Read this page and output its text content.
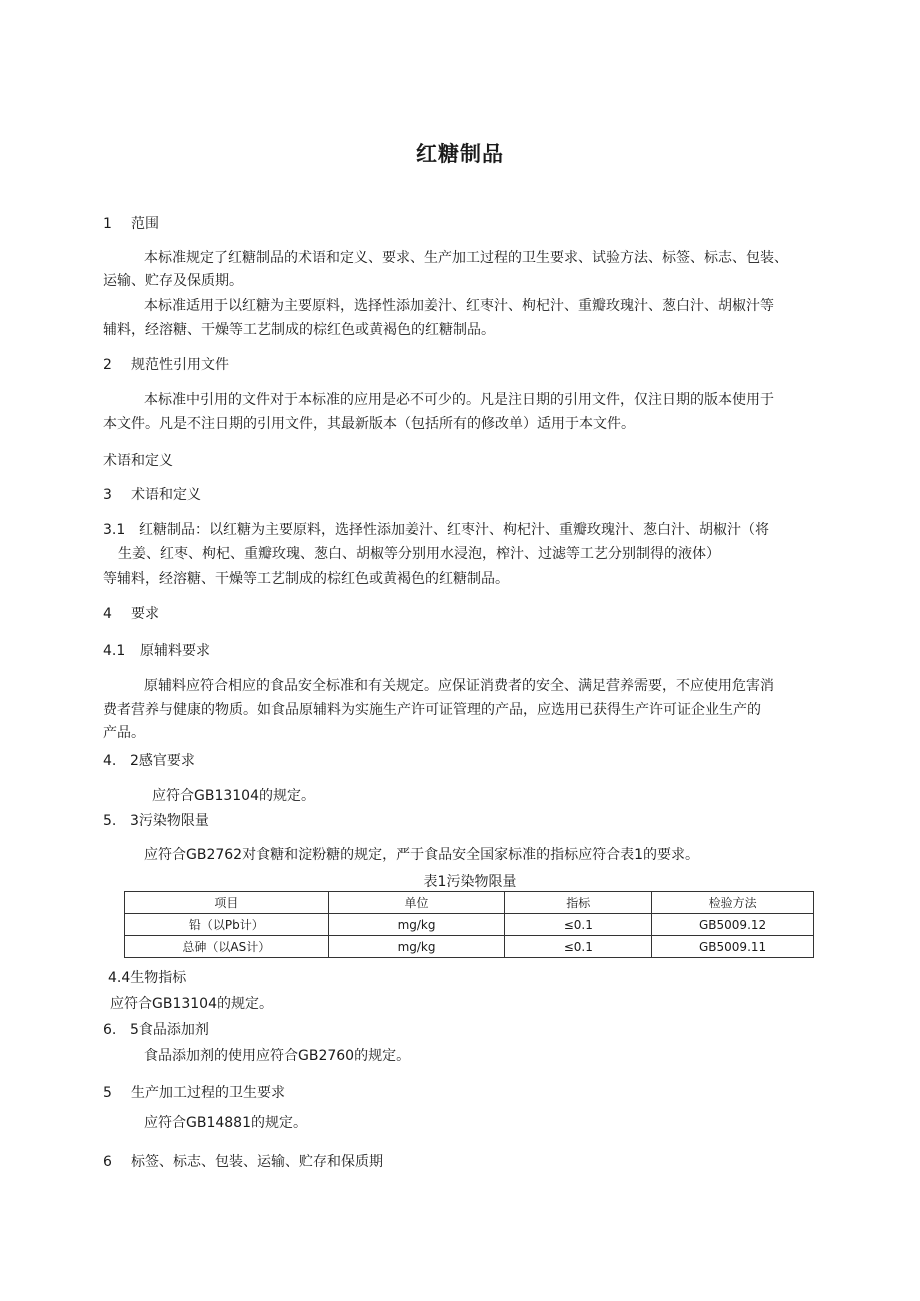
红糖制品
1 范围
本标准规定了红糖制品的术语和定义、要求、生产加工过程的卫生要求、试验方法、标签、标志、包装、
运输、贮存及保质期。
本标准适用于以红糖为主要原料，选择性添加姜汁、红枣汁、枸杞汁、重瓣玫瑰汁、葱白汁、胡椒汁等
辅料，经溶糖、干燥等工艺制成的棕红色或黄褐色的红糖制品。
2 规范性引用文件
本标准中引用的文件对于本标准的应用是必不可少的。凡是注日期的引用文件，仅注日期的版本使用于
本文件。凡是不注日期的引用文件，其最新版本（包括所有的修改单）适用于本文件。
术语和定义
3 术语和定义
3.1 红糖制品：以红糖为主要原料，选择性添加姜汁、红枣汁、枸杞汁、重瓣玫瑰汁、葱白汁、胡椒汁（将
生姜、红枣、枸杞、重瓣玫瑰、葱白、胡椒等分别用水浸泡，榨汁、过滤等工艺分别制得的液体）
等辅料，经溶糖、干燥等工艺制成的棕红色或黄褐色的红糖制品。
4 要求
4.1 原辅料要求
原辅料应符合相应的食品安全标准和有关规定。应保证消费者的安全、满足营养需要，不应使用危害消
费者营养与健康的物质。如食品原辅料为实施生产许可证管理的产品，应选用已获得生产许可证企业生产的
产品。
4. 2感官要求
应符合GB13104的规定。
5. 3污染物限量
应符合GB2762对食糖和淀粉糖的规定，严于食品安全国家标准的指标应符合表1的要求。
表1污染物限量
项目	单位	指标	检验方法
铅（以Pb计）	mg/kg	≤0.1	GB5009.12
总砷（以AS计）	mg/kg	≤0.1	GB5009.11
4.4生物指标
应符合GB13104的规定。
6. 5食品添加剂
食品添加剂的使用应符合GB2760的规定。
5 生产加工过程的卫生要求
应符合GB14881的规定。
6 标签、标志、包装、运输、贮存和保质期
